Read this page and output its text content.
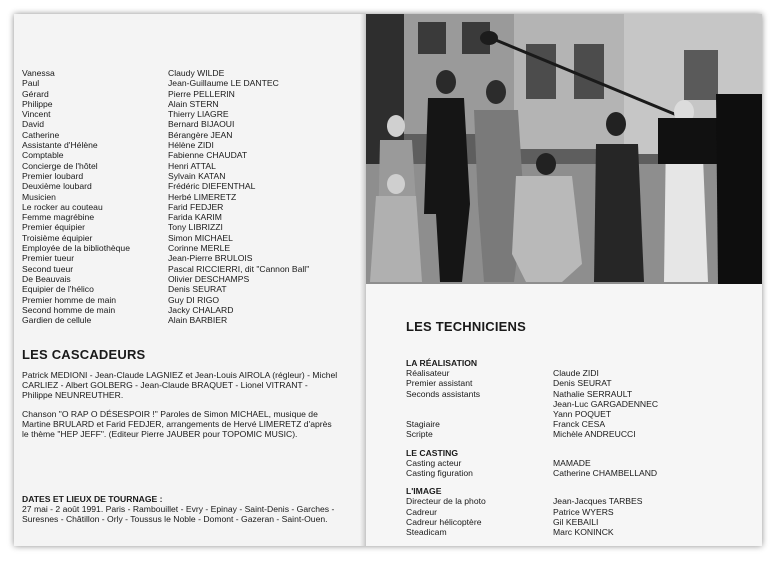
Vanessa	Claudy WILDE
Paul	Jean-Guillaume LE DANTEC
Gérard	Pierre PELLERIN
Philippe	Alain STERN
Vincent	Thierry LIAGRE
David	Bernard BIJAOUI
Catherine	Bérangère JEAN
Assistante d'Hélène	Hélène ZIDI
Comptable	Fabienne CHAUDAT
Concierge de l'hôtel	Henri ATTAL
Premier loubard	Sylvain KATAN
Deuxième loubard	Frédéric DIEFENTHAL
Musicien	Herbé LIMERETZ
Le rocker au couteau	Farid FEDJER
Femme magrébine	Farida KARIM
Premier équipier	Tony LIBRIZZI
Troisième équipier	Simon MICHAEL
Employée de la bibliothèque	Corinne MERLE
Premier tueur	Jean-Pierre BRULOIS
Second tueur	Pascal RICCIERRI, dit "Cannon Ball"
De Beauvais	Olivier DESCHAMPS
Equipier de l'hélico	Denis SEURAT
Premier homme de main	Guy DI RIGO
Second homme de main	Jacky CHALARD
Gardien de cellule	Alain BARBIER
LES CASCADEURS
Patrick MEDIONI - Jean-Claude LAGNIEZ et Jean-Louis AIROLA (régleur) - Michel CARLIEZ - Albert GOLBERG - Jean-Claude BRAQUET - Lionel VITRANT - Philippe NEUNREUTHER.
Chanson "O RAP O DÉSESPOIR !" Paroles de Simon MICHAEL, musique de Martine BRULARD et Farid FEDJER, arrangements de Hervé LIMERETZ d'après le thème "HEP JEFF". (Editeur Pierre JAUBER pour TOPOMIC MUSIC).
DATES ET LIEUX DE TOURNAGE :
27 mai - 2 août 1991. Paris - Rambouillet - Evry - Epinay - Saint-Denis - Garches - Suresnes - Châtillon - Orly - Toussus le Noble - Domont - Gazeran - Saint-Ouen.
LES TECHNICIENS
LA RÉALISATION
Réalisateur	Claude ZIDI
Premier assistant	Denis SEURAT
Seconds assistants	Nathalie SERRAULT
Jean-Luc GARGADENNEC
Yann POQUET
Stagiaire	Franck CESA
Scripte	Michèle ANDREUCCI
LE CASTING
Casting acteur	MAMADE
Casting figuration	Catherine CHAMBELLAND
L'IMAGE
Directeur de la photo	Jean-Jacques TARBES
Cadreur	Patrice WYERS
Cadreur hélicoptère	Gil KEBAILI
Steadicam	Marc KONINCK
